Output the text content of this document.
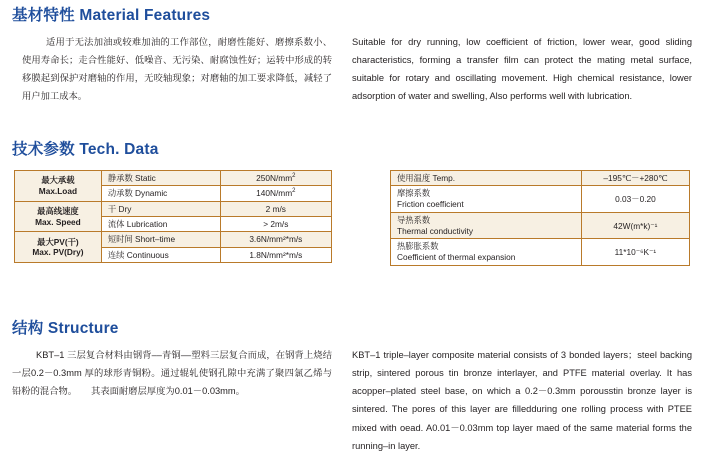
基材特性 Material Features
适用于无法加油或较难加油的工作部位，耐磨性能好、磨擦系数小、使用寿命长；走合性能好、低噪音、无污染、耐腐蚀性好；运转中形成的转移膜起到保护对磨轴的作用，无咬轴现象；对磨轴的加工要求降低，减轻了用户加工成本。
Suitable for dry running, low coefficient of friction, lower wear, good sliding characteristics, forming a transfer film can protect the mating metal surface, suitable for rotary and oscillating movement. High chemical resistance, lower adsorption of water and swelling, Also performs well with lubrication.
技术参数 Tech. Data
最大承载
Max.Load	静承数 Static	$250N/mm^2$
	动承数 Dynamic	$140N/mm^2$

最高线速度
Max. Speed	干 Dry	2 m/s
	流体 Lubrication	> 2m/s

最大PV(干)
Max. PV(Dry)	短时间 Short–time	3.6N/mm²*m/s
	连续 Continuous	1.8N/mm²*m/s
使用温度 Temp.	–195℃－+280℃

摩擦系数
Friction coefficient	0.03－0.20

导热系数
Thermal conductivity	42W(m*k)⁻¹

热膨胀系数
Coefficient of thermal expansion	11*10⁻⁶K⁻¹
结构 Structure
KBT–1 三层复合材料由钢背––青铜––塑料三层复合而成，在钢背上烧结一层0.2－0.3mm 厚的球形青铜粉。通过辊轧使钢孔隙中充满了聚四氯乙烯与铅粉的混合物。　　其表面耐磨层厚度为0.01－0.03mm。
KBT–1 triple–layer composite material consists of 3 bonded layers；steel backing strip, sintered porous tin bronze interlayer, and PTFE material overlay. It has acopper–plated steel base, on which a 0.2－0.3mm porousstin bronze layer is sintered. The pores of this layer are filledduring one rolling process with PTEE mixed with oead. A0.01－0.03mm top layer maed of the same material forms the running–in layer.
